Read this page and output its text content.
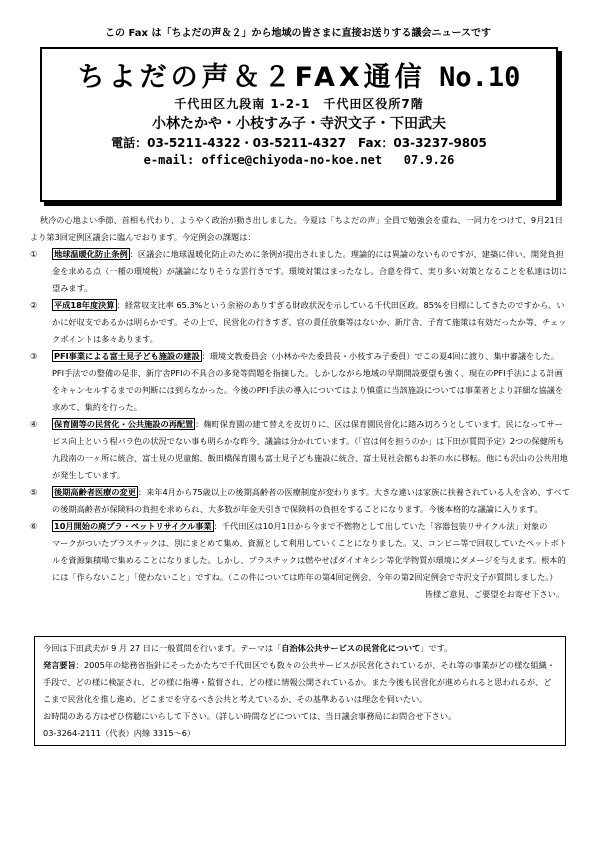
この Fax は「ちよだの声＆２」から地域の皆さまに直接お送りする議会ニュースです
ちよだの声＆２FAX通信 No.10
千代田区九段南 1-2-1　千代田区役所7階
小林たかや・小枝すみ子・寺沢文子・下田武夫
電話：03-5211-4322・03-5211-4327　Fax：03-3237-9805
e-mail: office@chiyoda-no-koe.net 07.9.26
秋冷の心地よい季節、首相も代わり、ようやく政治が動き出しました。今夏は「ちよだの声」全員で勉強会を重ね、一同力をつけて、9月21日より第3回定例区議会に臨んでおります。今定例会の課題は：
①	地球温暖化防止条例 ：区議会に地球温暖化防止のために条例が提出されました。理論的には異論のないものですが、建築に伴い、開発負担金を求める点（一種の環境税）が議論になりそうな雲行きです。環境対策はまったなし。合意を得て、実り多い対策となることを私達は切に望みます。
②	平成18年度決算 ：経常収支比率 65.3%という余裕のありすぎる財政状況を示している千代田区政。85%を目標にしてきたのですから、いかに好収支であるかは明らかです。その上で、民営化の行きすぎ、官の責任放棄等はないか、新庁舎、子育て施策は有効だったか等、チェックポイントは多々あります。
③	PFI事業による富士見子ども施設の建設 ：環境文教委員会（小林かやた委員長・小枝すみ子委員）でこの夏4回に渡り、集中審議をした。PFI手法での整備の是非、新庁舎PFIの不具合の多発等問題を指摘した。しかしながら地域の早期開設要望も強く、現在のPFI手法による計画をキャンセルするまでの判断には到らなかった。今後のPFI手法の導入についてはより慎重に当該施設については事業者とより詳細な協議を求めて、集約を行った。
④	保育園等の民営化・公共施設の再配置 ：麹町保育園の建て替えを皮切りに、区は保育園民営化に踏み切ろうとしています。民になってサービス向上という程バラ色の状況でない事も明らかな昨今、議論は分かれています。（「官は何を担うのか」は下田が質問予定）2つの保健所も九段南の一ヶ所に統合、富士見の児童館、飯田橋保育園も富士見子ども施設に統合、富士見社会館もお茶の水に移転。他にも沢山の公共用地が発生しています。
⑤	後期高齢者医療の変更 ：来年4月から75歳以上の後期高齢者の医療制度が変わります。大きな違いは家族に扶養されている人を含め、すべての後期高齢者が保険料の負担を求められ、大多数が年金天引きで保険料の負担をすることになります。今後本格的な議論に入ります。
⑥	10月開始の廃プラ・ペットリサイクル事業 ：千代田区は10月1日から今まで不燃物として出していた「容器包装リサイクル法」対象の　　　　マークがついたプラスチックは、別にまとめて集め、資源として利用していくことになりました。又、コンビニ等で回収していたペットボトルを資源集積場で集めることになりました。しかし、プラスチックは燃やせばダイオキシン等化学物質が環境にダメージを与えます。根本的には「作らないこと」「使わないこと」ですね。（この件については昨年の第4回定例会、今年の第2回定例会で寺沢文子が質問しました。）
皆様ご意見、ご要望をお寄せ下さい。
今回は下田武夫が 9 月 27 日に一般質問を行います。テーマは「自治体公共サービスの民営化について」です。
発言要旨：2005年の総務省指針にそったかたちで千代田区でも数々の公共サービスが民営化されているが、それ等の事業がどの様な組織・手段で、どの様に検証され、どの様に指導・監督され、どの様に情報公開されているか。また今後も民営化が進められると思われるが、どこまで民営化を推し進め、どこまでを守るべき公共と考えているか、その基準あるいは理念を伺いたい。
お時間のある方はぜひ傍聴にいらして下さい。（詳しい時間などについては、当日議会事務局にお問合せ下さい。
03-3264-2111（代表）内線 3315～6）
